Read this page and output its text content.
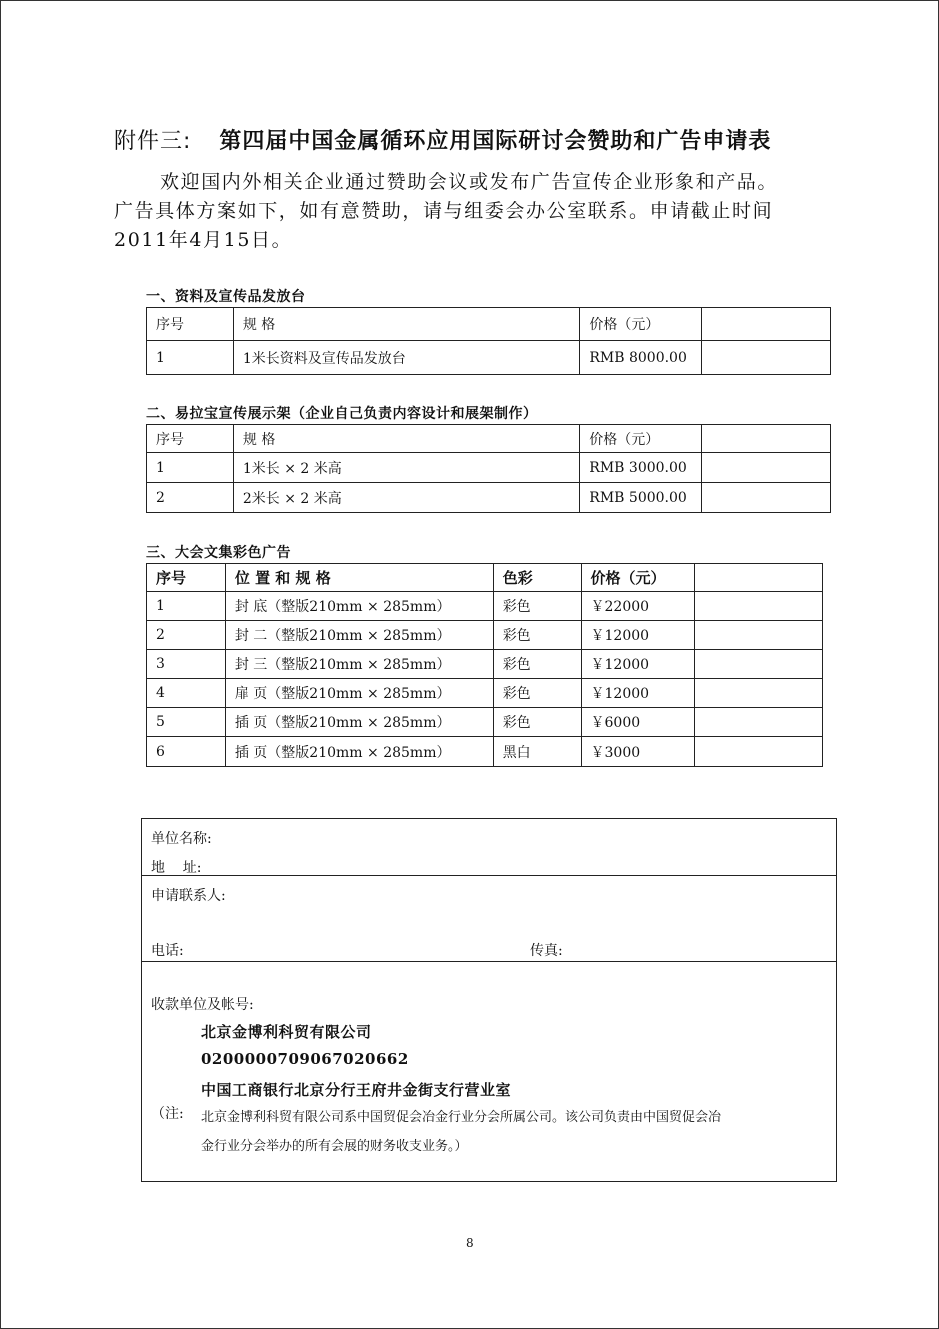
附件三: 第四届中国金属循环应用国际研讨会赞助和广告申请表

欢迎国内外相关企业通过赞助会议或发布广告宣传企业形象和产品。

广告具体方案如下，如有意赞助，请与组委会办公室联系。申请截止时间

2011年4月15日。

一、资料及宣传品发放台
序号	规 格	价格（元）	
1	1米长资料及宣传品发放台	RMB 8000.00	
二、易拉宝宣传展示架（企业自己负责内容设计和展架制作）
序号	规 格	价格（元）	
1	1米长 × 2 米高	RMB 3000.00	
2	2米长 × 2 米高	RMB 5000.00	
三、大会文集彩色广告
序号	位 置 和 规 格	色彩	价格（元）	
1	封 底（整版210mm × 285mm）	彩色	￥22000	
2	封 二（整版210mm × 285mm）	彩色	￥12000	
3	封 三（整版210mm × 285mm）	彩色	￥12000	
4	扉 页（整版210mm × 285mm）	彩色	￥12000	
5	插 页（整版210mm × 285mm）	彩色	￥6000	
6	插 页（整版210mm × 285mm）	黑白	￥3000	
单位名称:
地    址:
申请联系人:
电话:	传真:
收款单位及帐号:
北京金博利科贸有限公司
0200000709067020662
中国工商银行北京分行王府井金街支行营业室
（注: 北京金博利科贸有限公司系中国贸促会冶金行业分会所属公司。该公司负责由中国贸促会冶
金行业分会举办的所有会展的财务收支业务。）
8
